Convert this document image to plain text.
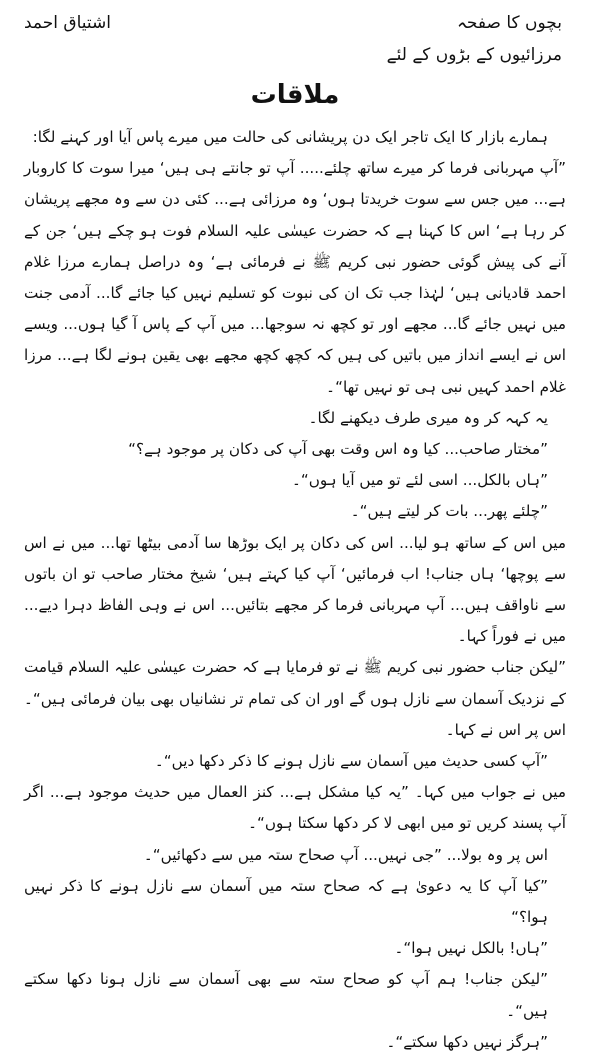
بچوں کا صفحہ
اشتیاق احمد
مرزائیوں کے بڑوں کے لئے
ملاقات

ہمارے بازار کا ایک تاجر ایک دن پریشانی کی حالت میں میرے پاس آیا اور کہنے لگا:

”آپ مہربانی فرما کر میرے ساتھ چلئے..... آپ تو جانتے ہی ہیں‘ میرا سوت کا کاروبار ہے... میں جس سے سوت خریدتا ہوں‘ وہ مرزائی ہے... کئی دن سے وہ مجھے پریشان کر رہا ہے‘ اس کا کہنا ہے کہ حضرت عیسٰی علیہ السلام فوت ہو چکے ہیں‘ جن کے آنے کی پیش گوئی حضور نبی کریم ﷺ نے فرمائی ہے‘ وہ دراصل ہمارے مرزا غلام احمد قادیانی ہیں‘ لہٰذا جب تک ان کی نبوت کو تسلیم نہیں کیا جائے گا... آدمی جنت میں نہیں جائے گا... مجھے اور تو کچھ نہ سوجھا... میں آپ کے پاس آ گیا ہوں... ویسے اس نے ایسے انداز میں باتیں کی ہیں کہ کچھ کچھ مجھے بھی یقین ہونے لگا ہے... مرزا غلام احمد کہیں نبی ہی تو نہیں تھا“۔

یہ کہہ کر وہ میری طرف دیکھنے لگا۔

”مختار صاحب... کیا وہ اس وقت بھی آپ کی دکان پر موجود ہے؟“

”ہاں بالکل... اسی لئے تو میں آیا ہوں“۔

”چلئے پھر... بات کر لیتے ہیں“۔

میں اس کے ساتھ ہو لیا... اس کی دکان پر ایک بوڑھا سا آدمی بیٹھا تھا... میں نے اس سے پوچھا‘ ہاں جناب! اب فرمائیں‘ آپ کیا کہتے ہیں‘ شیخ مختار صاحب تو ان باتوں سے ناواقف ہیں... آپ مہربانی فرما کر مجھے بتائیں... اس نے وہی الفاظ دہرا دیے... میں نے فوراً کہا۔

”لیکن جناب حضور نبی کریم ﷺ نے تو فرمایا ہے کہ حضرت عیسٰی علیہ السلام قیامت کے نزدیک آسمان سے نازل ہوں گے اور ان کی تمام تر نشانیاں بھی بیان فرمائی ہیں“۔ اس پر اس نے کہا۔

”آپ کسی حدیث میں آسمان سے نازل ہونے کا ذکر دکھا دیں“۔

میں نے جواب میں کہا۔ ”یہ کیا مشکل ہے... کنز العمال میں حدیث موجود ہے... اگر آپ پسند کریں تو میں ابھی لا کر دکھا سکتا ہوں“۔

اس پر وہ بولا... ”جی نہیں... آپ صحاح ستہ میں سے دکھائیں“۔

”کیا آپ کا یہ دعویٰ ہے کہ صحاح ستہ میں آسمان سے نازل ہونے کا ذکر نہیں ہوا؟“

”ہاں! بالکل نہیں ہوا“۔

”لیکن جناب! ہم آپ کو صحاح ستہ سے بھی آسمان سے نازل ہونا دکھا سکتے ہیں“۔

”ہرگز نہیں دکھا سکتے“۔
